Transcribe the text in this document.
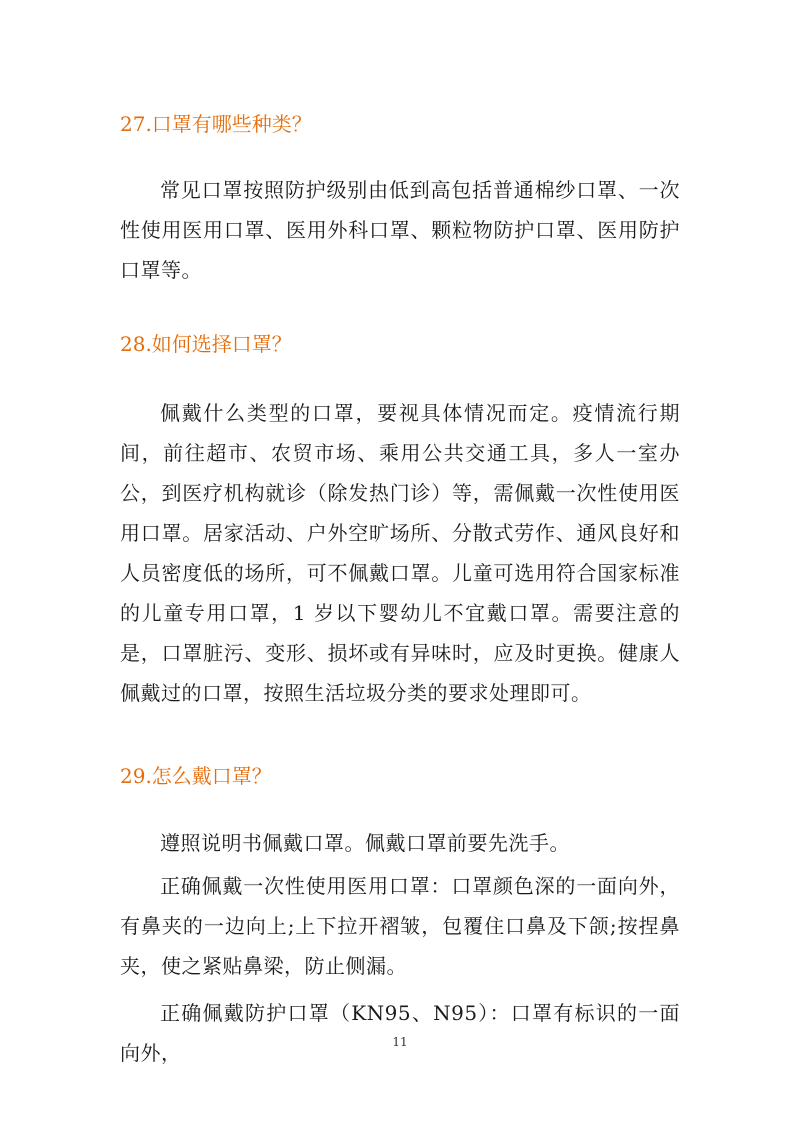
27.口罩有哪些种类？

常见口罩按照防护级别由低到高包括普通棉纱口罩、一次性使用医用口罩、医用外科口罩、颗粒物防护口罩、医用防护口罩等。

28.如何选择口罩？

佩戴什么类型的口罩，要视具体情况而定。疫情流行期间，前往超市、农贸市场、乘用公共交通工具，多人一室办公，到医疗机构就诊（除发热门诊）等，需佩戴一次性使用医用口罩。居家活动、户外空旷场所、分散式劳作、通风良好和人员密度低的场所，可不佩戴口罩。儿童可选用符合国家标准的儿童专用口罩，1 岁以下婴幼儿不宜戴口罩。需要注意的是，口罩脏污、变形、损坏或有异味时，应及时更换。健康人佩戴过的口罩，按照生活垃圾分类的要求处理即可。

29.怎么戴口罩？

遵照说明书佩戴口罩。佩戴口罩前要先洗手。

正确佩戴一次性使用医用口罩：口罩颜色深的一面向外，有鼻夹的一边向上;上下拉开褶皱，包覆住口鼻及下颌;按捏鼻夹，使之紧贴鼻梁，防止侧漏。

正确佩戴防护口罩（KN95、N95）：口罩有标识的一面向外，	11
